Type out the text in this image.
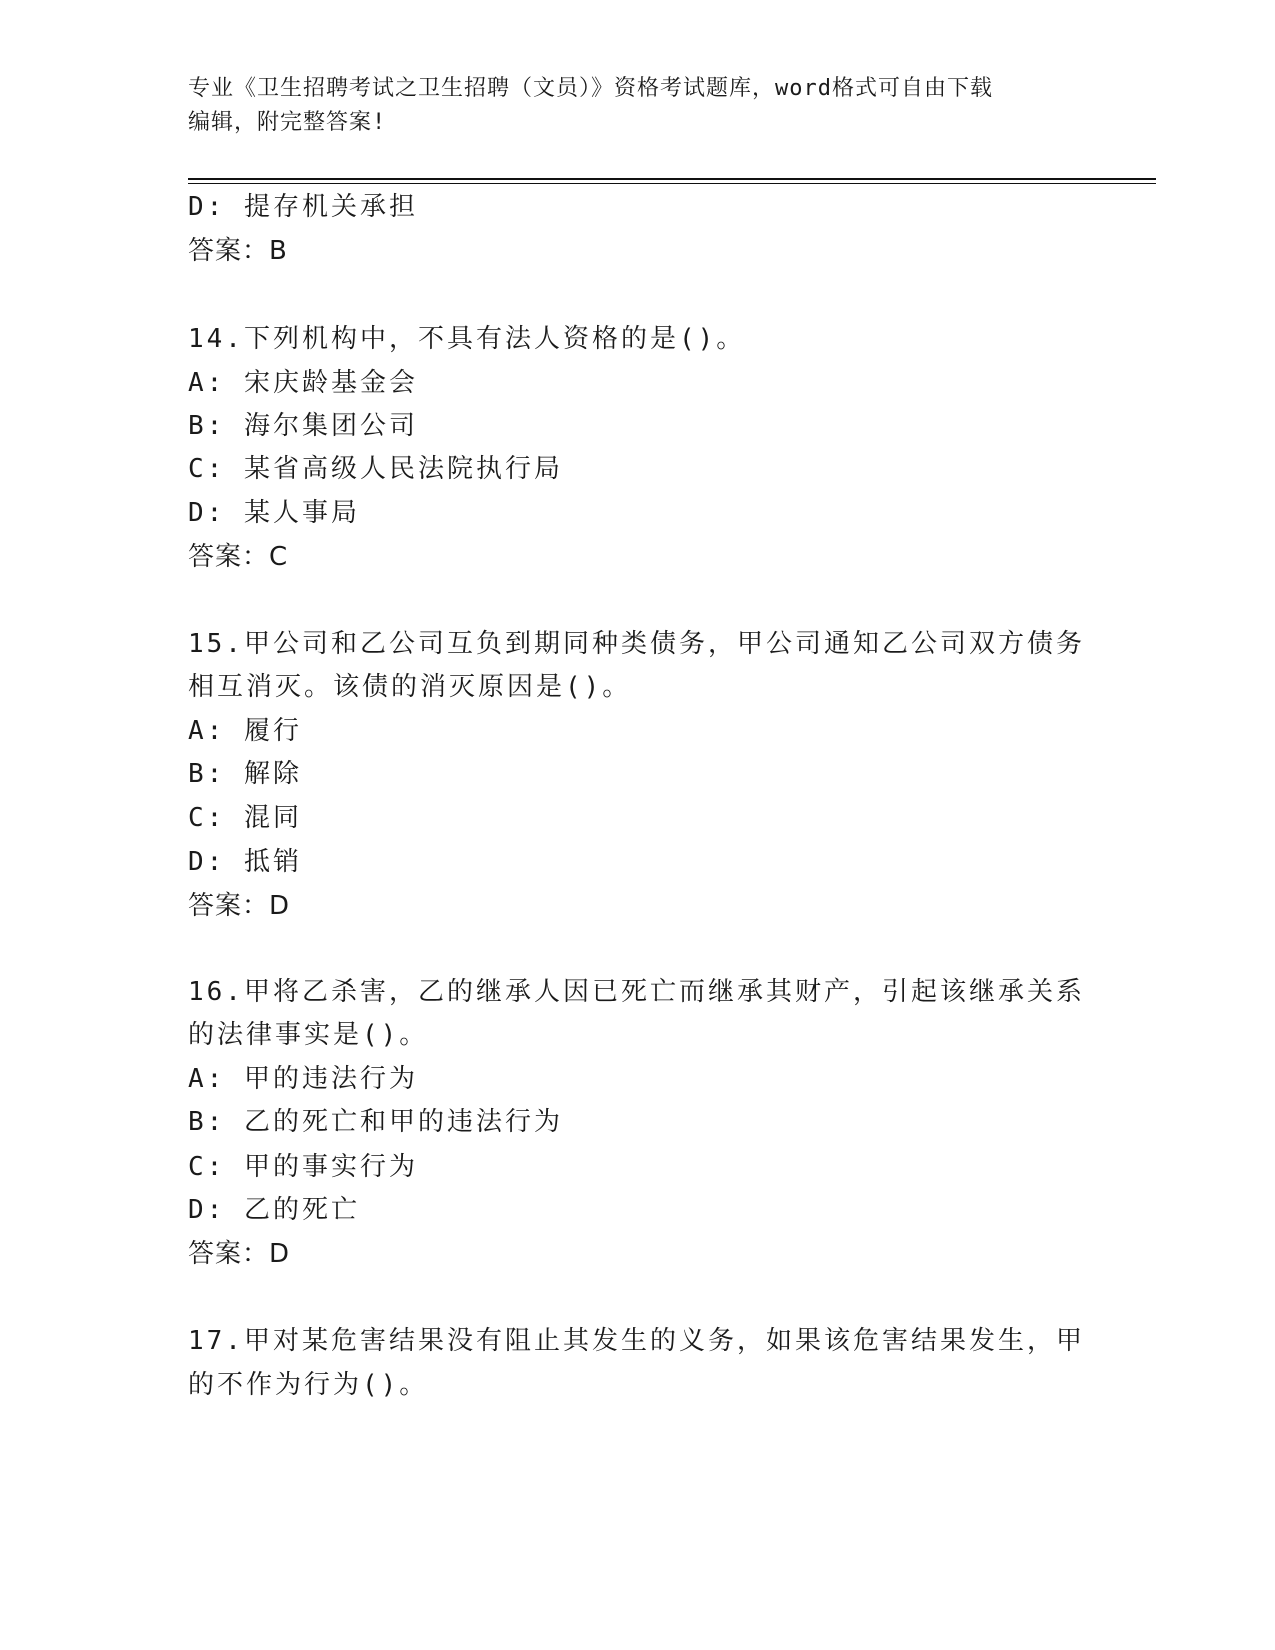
专业《卫生招聘考试之卫生招聘（文员）》资格考试题库，word格式可自由下载
编辑，附完整答案!
D: 提存机关承担
答案：B
14.下列机构中，不具有法人资格的是()。
A: 宋庆龄基金会
B: 海尔集团公司
C: 某省高级人民法院执行局
D: 某人事局
答案：C
15.甲公司和乙公司互负到期同种类债务，甲公司通知乙公司双方债务
相互消灭。该债的消灭原因是()。
A: 履行
B: 解除
C: 混同
D: 抵销
答案：D
16.甲将乙杀害，乙的继承人因已死亡而继承其财产，引起该继承关系
的法律事实是()。
A: 甲的违法行为
B: 乙的死亡和甲的违法行为
C: 甲的事实行为
D: 乙的死亡
答案：D
17.甲对某危害结果没有阻止其发生的义务，如果该危害结果发生，甲
的不作为行为()。
